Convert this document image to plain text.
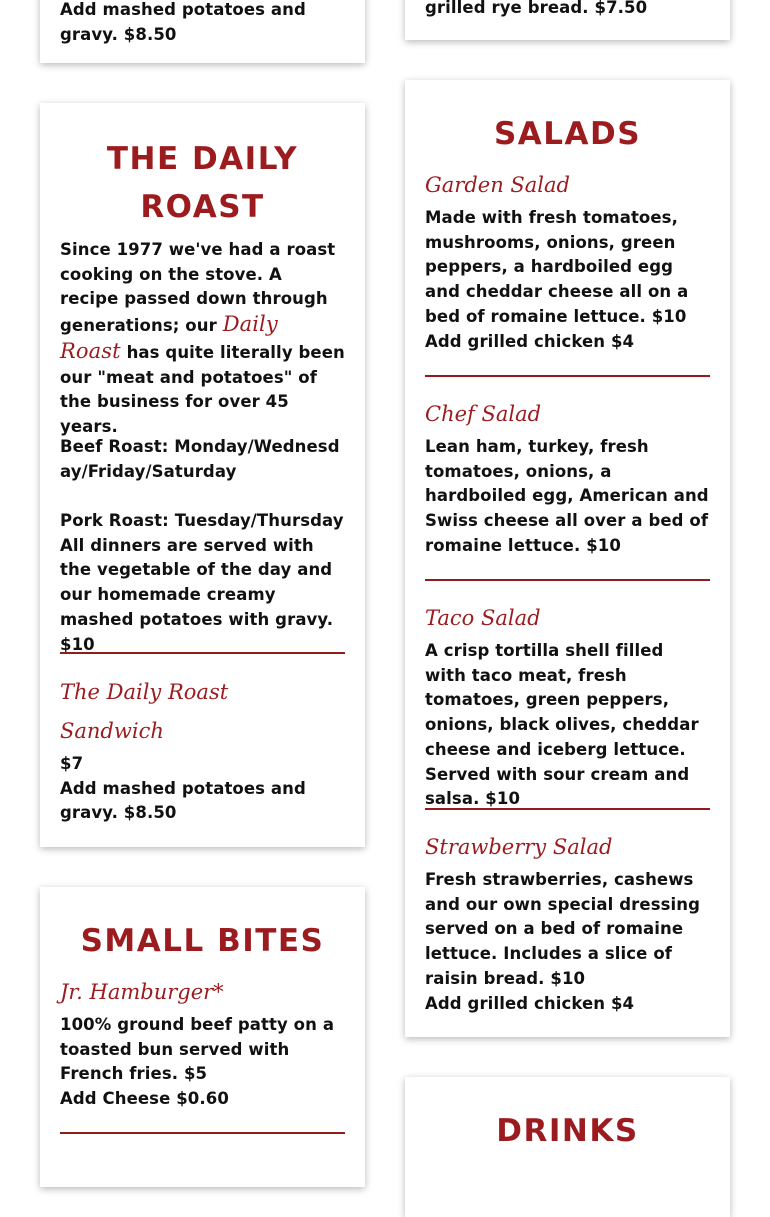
Add mashed potatoes and
gravy. $8.50
grilled rye bread. $7.50
THE DAILY
ROAST
Since 1977 we've had a roast cooking on the stove. A recipe passed down through generations; our Daily Roast has quite literally been our "meat and potatoes" of the business for over 45 years.
Beef Roast: Monday/Wednesday/Friday/Saturday
Pork Roast: Tuesday/Thursday
All dinners are served with the vegetable of the day and our homemade creamy mashed potatoes with gravy. $10
The Daily Roast Sandwich
$7
Add mashed potatoes and gravy. $8.50
SMALL BITES
Jr. Hamburger*
100% ground beef patty on a toasted bun served with French fries. $5
Add Cheese $0.60
SALADS
Garden Salad
Made with fresh tomatoes, mushrooms, onions, green peppers, a hardboiled egg and cheddar cheese all on a bed of romaine lettuce. $10
Add grilled chicken $4
Chef Salad
Lean ham, turkey, fresh tomatoes, onions, a hardboiled egg, American and Swiss cheese all over a bed of romaine lettuce. $10
Taco Salad
A crisp tortilla shell filled with taco meat, fresh tomatoes, green peppers, onions, black olives, cheddar cheese and iceberg lettuce. Served with sour cream and salsa. $10
Strawberry Salad
Fresh strawberries, cashews and our own special dressing served on a bed of romaine lettuce. Includes a slice of raisin bread. $10
Add grilled chicken $4
DRINKS
